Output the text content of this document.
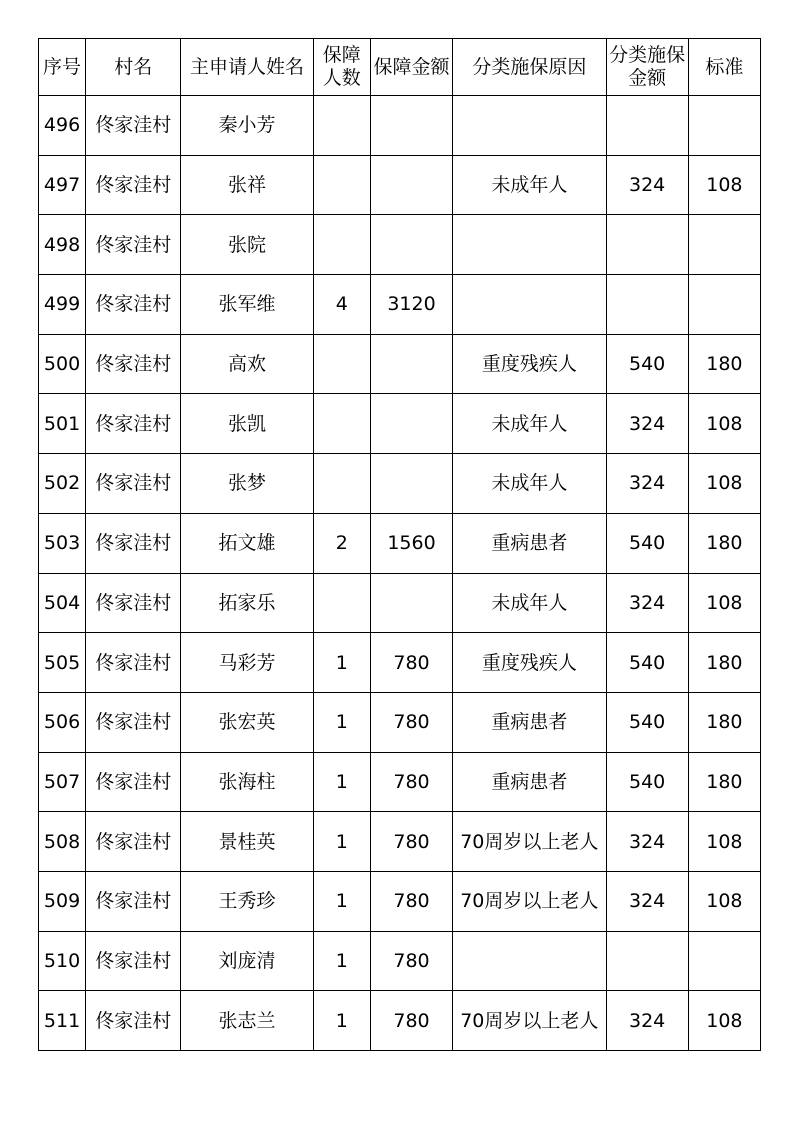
序号	村名	主申请人姓名	保障人数	保障金额	分类施保原因	分类施保金额	标准
496	佟家洼村	秦小芳					
497	佟家洼村	张祥			未成年人	324	108
498	佟家洼村	张院					
499	佟家洼村	张军维	4	3120			
500	佟家洼村	高欢			重度残疾人	540	180
501	佟家洼村	张凯			未成年人	324	108
502	佟家洼村	张梦			未成年人	324	108
503	佟家洼村	拓文雄	2	1560	重病患者	540	180
504	佟家洼村	拓家乐			未成年人	324	108
505	佟家洼村	马彩芳	1	780	重度残疾人	540	180
506	佟家洼村	张宏英	1	780	重病患者	540	180
507	佟家洼村	张海柱	1	780	重病患者	540	180
508	佟家洼村	景桂英	1	780	70周岁以上老人	324	108
509	佟家洼村	王秀珍	1	780	70周岁以上老人	324	108
510	佟家洼村	刘庞清	1	780			
511	佟家洼村	张志兰	1	780	70周岁以上老人	324	108
